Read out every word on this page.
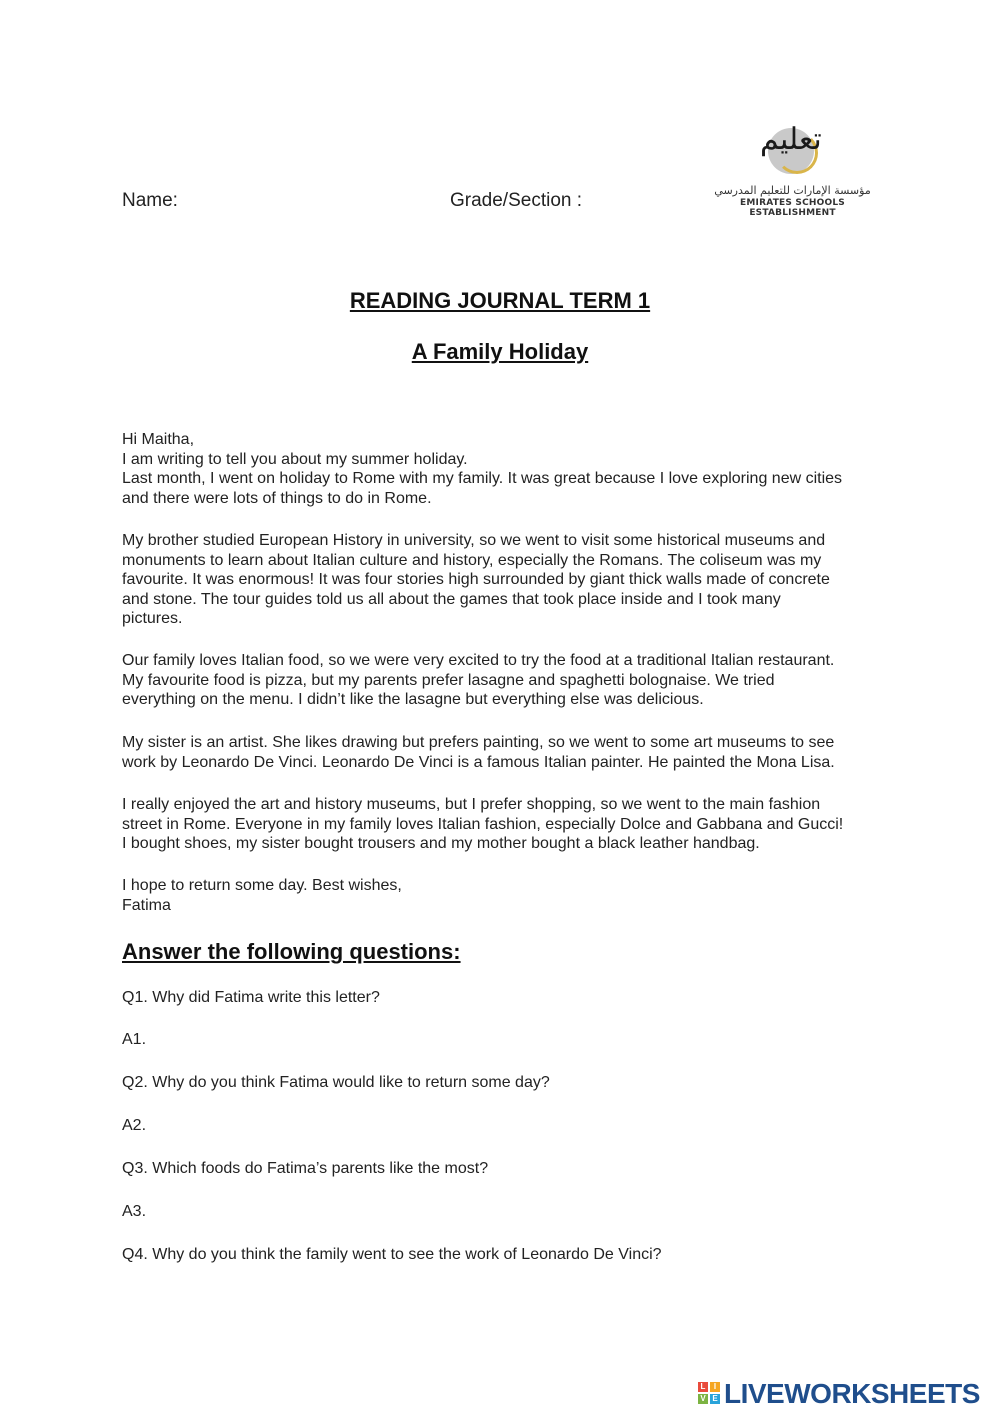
Name:	Grade/Section :
تعليم
مؤسسة الإمارات للتعليم المدرسي
EMIRATES SCHOOLS ESTABLISHMENT
READING JOURNAL TERM 1
A Family Holiday
Hi Maitha,
I am writing to tell you about my summer holiday.
Last month, I went on holiday to Rome with my family. It was great because I love exploring new cities
and there were lots of things to do in Rome.
My brother studied European History in university, so we went to visit some historical museums and
monuments to learn about Italian culture and history, especially the Romans. The coliseum was my
favourite. It was enormous! It was four stories high surrounded by giant thick walls made of concrete
and stone. The tour guides told us all about the games that took place inside and I took many
pictures.
Our family loves Italian food, so we were very excited to try the food at a traditional Italian restaurant.
My favourite food is pizza, but my parents prefer lasagne and spaghetti bolognaise. We tried
everything on the menu. I didn’t like the lasagne but everything else was delicious.
My sister is an artist. She likes drawing but prefers painting, so we went to some art museums to see
work by Leonardo De Vinci. Leonardo De Vinci is a famous Italian painter. He painted the Mona Lisa.
I really enjoyed the art and history museums, but I prefer shopping, so we went to the main fashion
street in Rome. Everyone in my family loves Italian fashion, especially Dolce and Gabbana and Gucci!
I bought shoes, my sister bought trousers and my mother bought a black leather handbag.
I hope to return some day. Best wishes,
Fatima
Answer the following questions:
Q1. Why did Fatima write this letter?
A1.
Q2. Why do you think Fatima would like to return some day?
A2.
Q3. Which foods do Fatima’s parents like the most?
A3.
Q4. Why do you think the family went to see the work of Leonardo De Vinci?
L	I
V E LIVEWORKSHEETS
